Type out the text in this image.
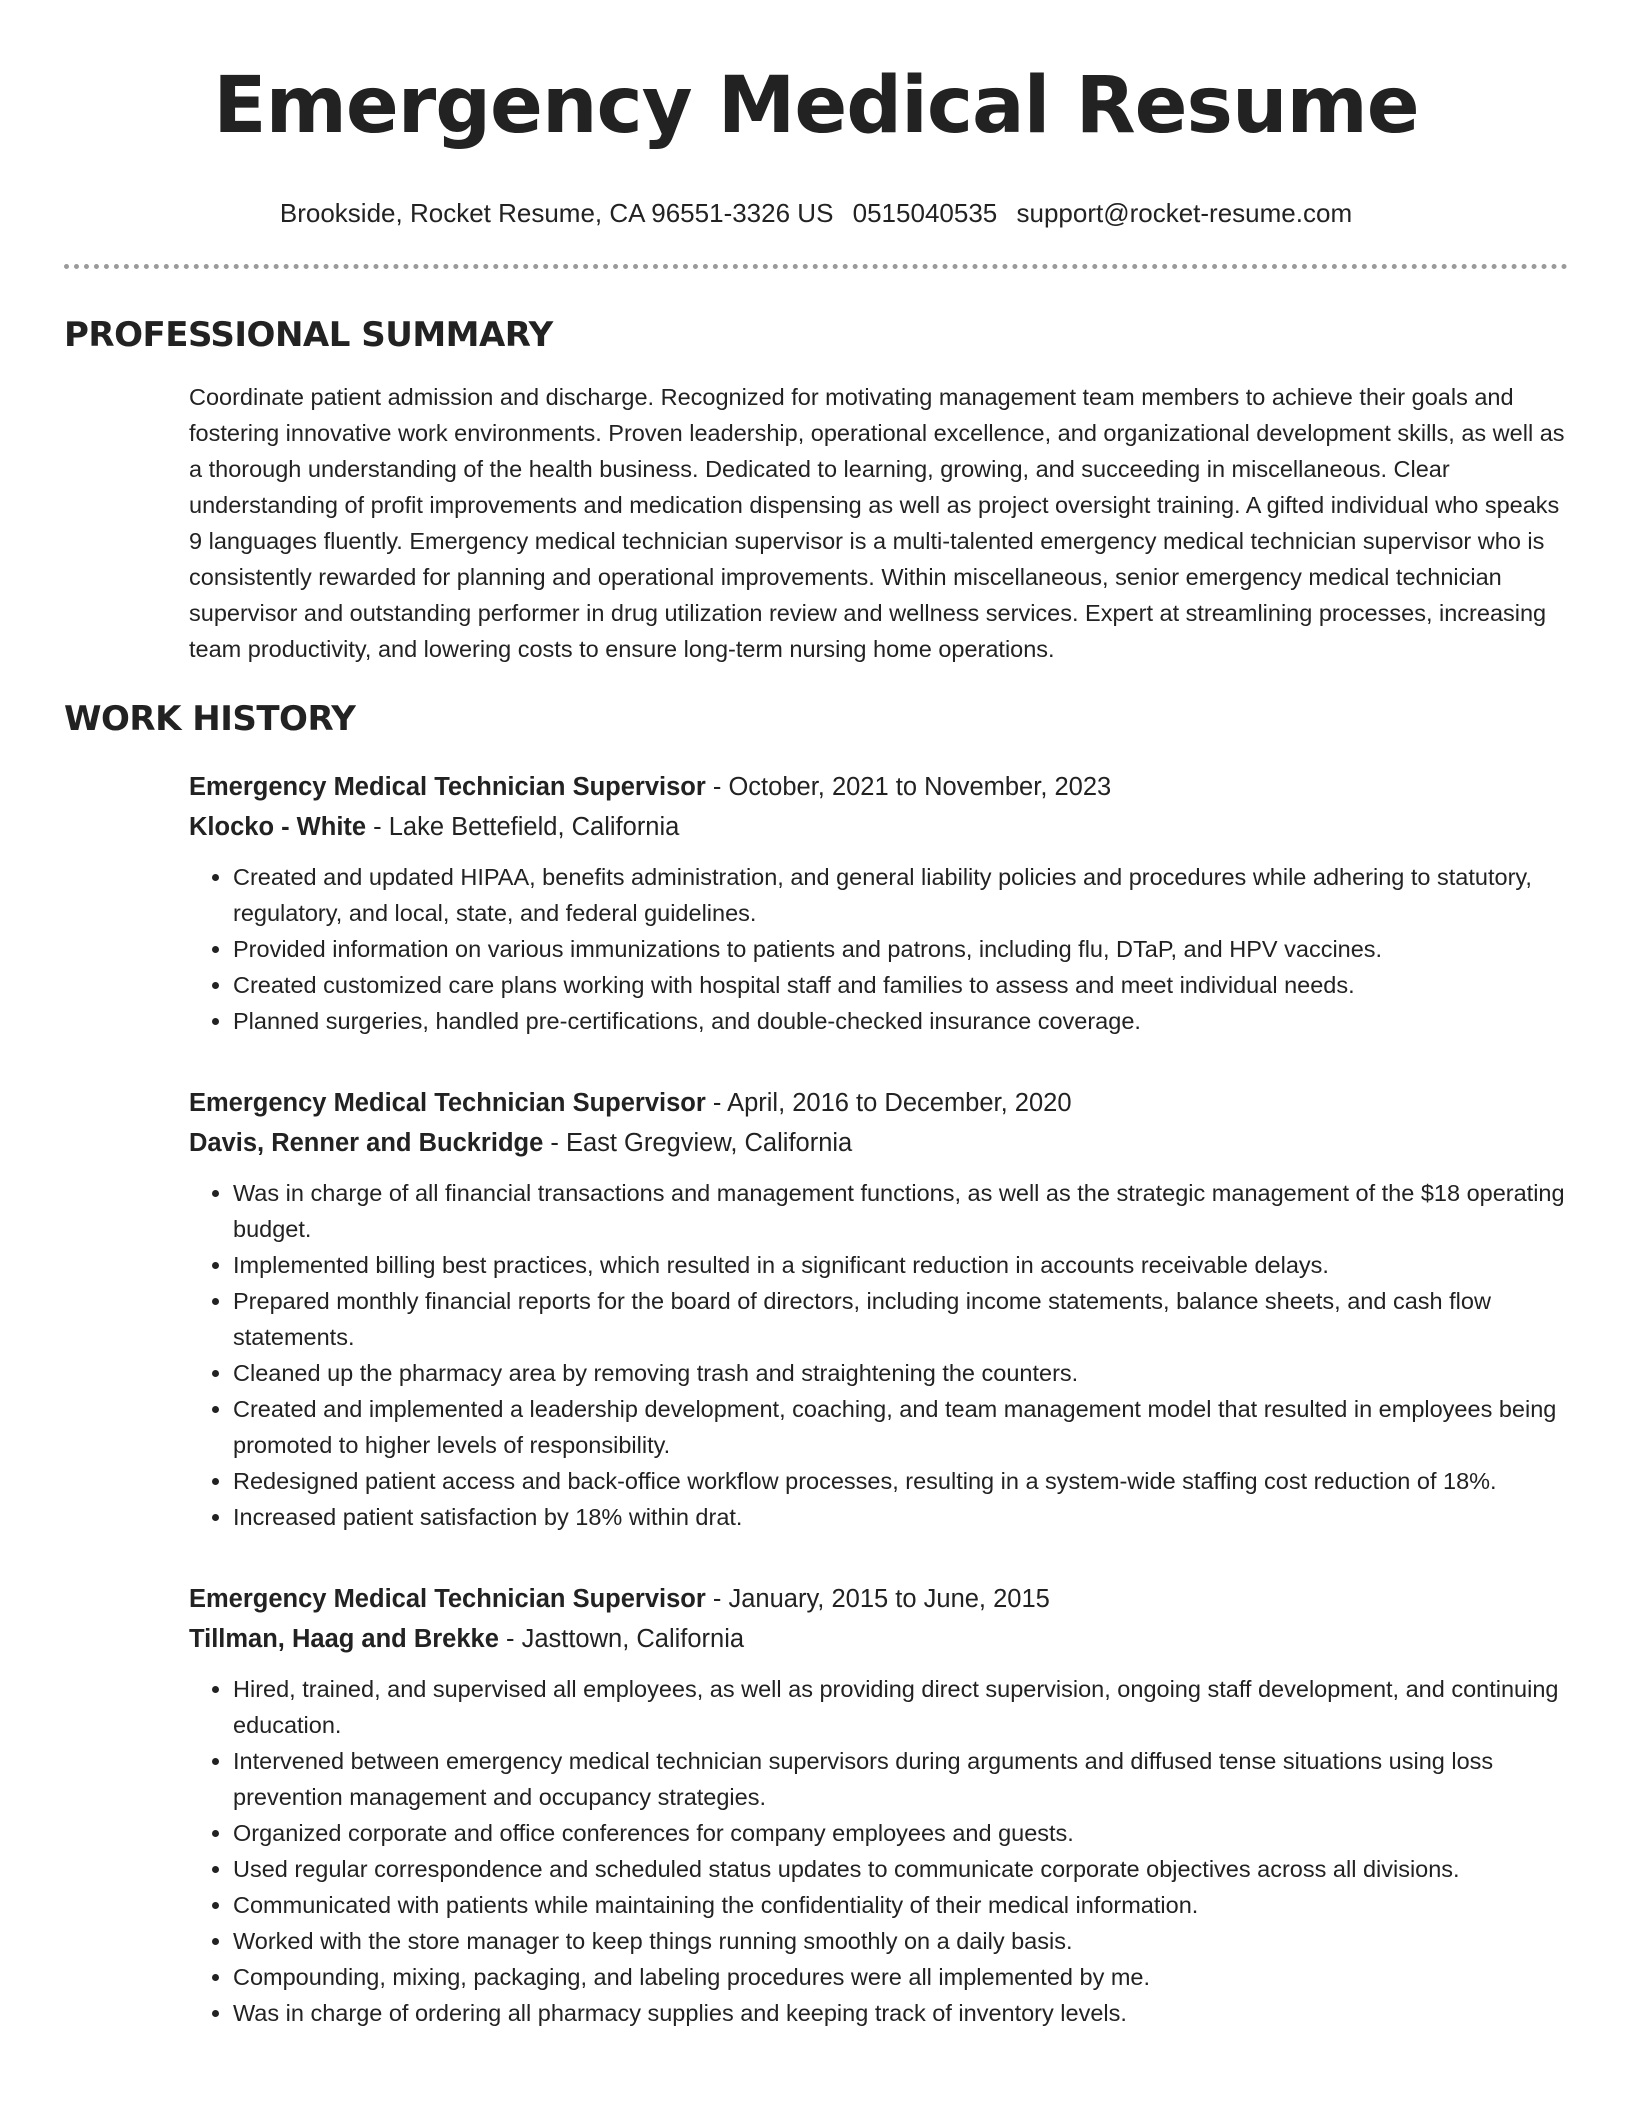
Emergency Medical Resume
Brookside, Rocket Resume, CA 96551-3326 US 0515040535 support@rocket-resume.com
PROFESSIONAL SUMMARY

Coordinate patient admission and discharge. Recognized for motivating management team members to achieve their goals and fostering innovative work environments. Proven leadership, operational excellence, and organizational development skills, as well as a thorough understanding of the health business. Dedicated to learning, growing, and succeeding in miscellaneous. Clear understanding of profit improvements and medication dispensing as well as project oversight training. A gifted individual who speaks 9 languages fluently. Emergency medical technician supervisor is a multi-talented emergency medical technician supervisor who is consistently rewarded for planning and operational improvements. Within miscellaneous, senior emergency medical technician supervisor and outstanding performer in drug utilization review and wellness services. Expert at streamlining processes, increasing team productivity, and lowering costs to ensure long-term nursing home operations.

WORK HISTORY
Emergency Medical Technician Supervisor - October, 2021 to November, 2023
Klocko - White - Lake Bettefield, California
• Created and updated HIPAA, benefits administration, and general liability policies and procedures while adhering to statutory, regulatory, and local, state, and federal guidelines.
• Provided information on various immunizations to patients and patrons, including flu, DTaP, and HPV vaccines.
• Created customized care plans working with hospital staff and families to assess and meet individual needs.
• Planned surgeries, handled pre-certifications, and double-checked insurance coverage.
Emergency Medical Technician Supervisor - April, 2016 to December, 2020
Davis, Renner and Buckridge - East Gregview, California
• Was in charge of all financial transactions and management functions, as well as the strategic management of the $18 operating budget.
• Implemented billing best practices, which resulted in a significant reduction in accounts receivable delays.
• Prepared monthly financial reports for the board of directors, including income statements, balance sheets, and cash flow statements.
• Cleaned up the pharmacy area by removing trash and straightening the counters.
• Created and implemented a leadership development, coaching, and team management model that resulted in employees being promoted to higher levels of responsibility.
• Redesigned patient access and back-office workflow processes, resulting in a system-wide staffing cost reduction of 18%.
• Increased patient satisfaction by 18% within drat.
Emergency Medical Technician Supervisor - January, 2015 to June, 2015
Tillman, Haag and Brekke - Jasttown, California
• Hired, trained, and supervised all employees, as well as providing direct supervision, ongoing staff development, and continuing education.
• Intervened between emergency medical technician supervisors during arguments and diffused tense situations using loss prevention management and occupancy strategies.
• Organized corporate and office conferences for company employees and guests.
• Used regular correspondence and scheduled status updates to communicate corporate objectives across all divisions.
• Communicated with patients while maintaining the confidentiality of their medical information.
• Worked with the store manager to keep things running smoothly on a daily basis.
• Compounding, mixing, packaging, and labeling procedures were all implemented by me.
• Was in charge of ordering all pharmacy supplies and keeping track of inventory levels.
